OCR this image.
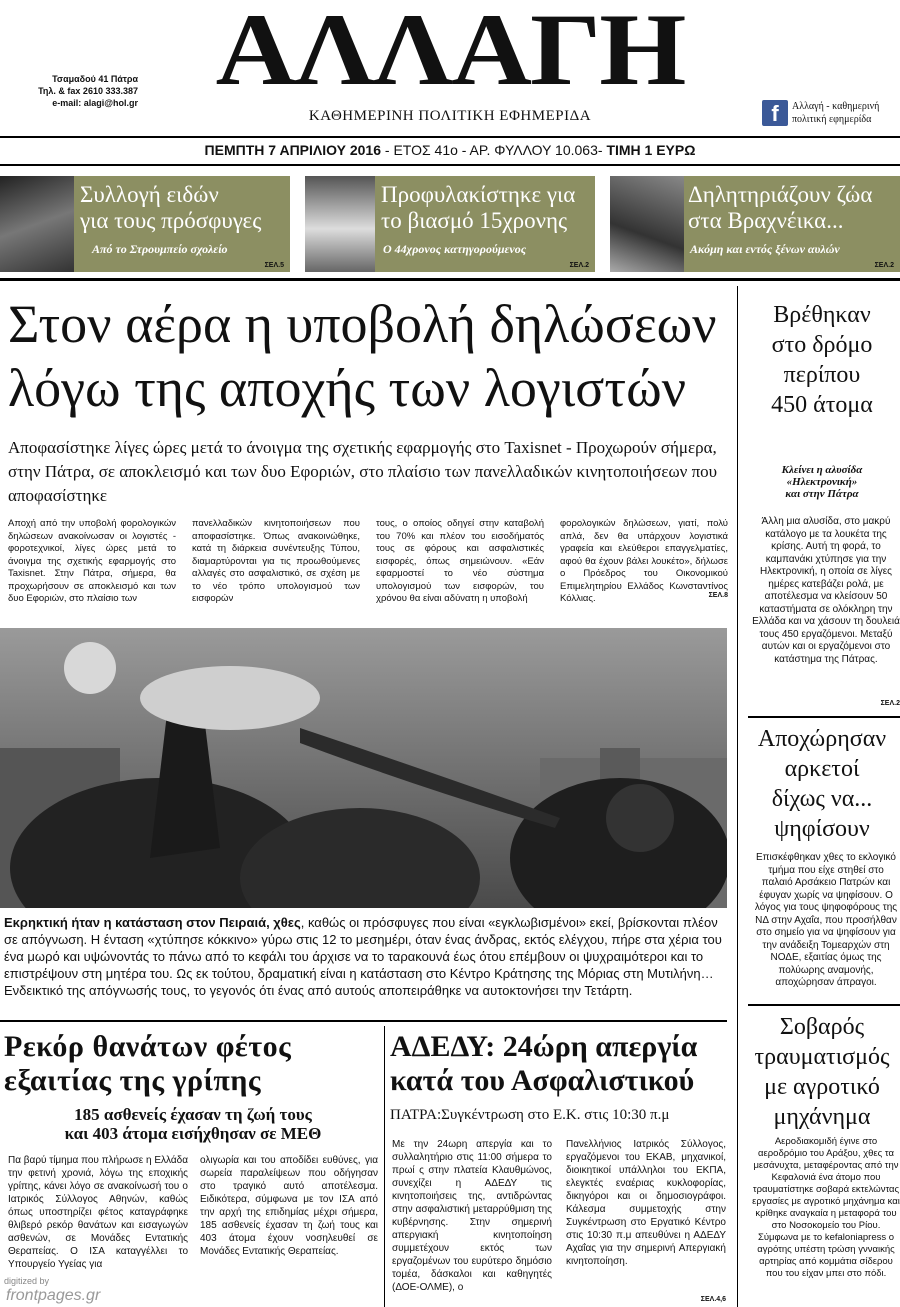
ΑΛΛΑΓΗ
Τσαμαδού 41 Πάτρα
Τηλ. & fax 2610 333.387
e-mail: alagi@hol.gr
ΚΑΘΗΜΕΡΙΝΗ ΠΟΛΙΤΙΚΗ ΕΦΗΜΕΡΙΔΑ	f	Αλλαγή - καθημερινή
πολιτική εφημερίδα
ΠΕΜΠΤΗ 7 ΑΠΡΙΛΙΟΥ 2016 - ΕΤΟΣ 41ο - ΑΡ. ΦΥΛΛΟΥ 10.063- ΤΙΜΗ 1 ΕΥΡΩ
Συλλογή ειδών
για τους πρόσφυγες
Από το Στρουμπείο σχολείο
ΣΕΛ.5
Προφυλακίστηκε για
το βιασμό 15χρονης
Ο 44χρονος κατηγορούμενος
ΣΕΛ.2
Δηλητηριάζουν ζώα
στα Βραχνέικα...
Ακόμη και εντός ξένων αυλών
ΣΕΛ.2
Στον αέρα η υποβολή δηλώσεων
λόγω της αποχής των λογιστών
Αποφασίστηκε λίγες ώρες μετά το άνοιγμα της σχετικής εφαρμογής στο Taxisnet - Προχωρούν σήμερα, στην Πάτρα, σε αποκλεισμό και των δυο Εφοριών, στο πλαίσιο των πανελλαδικών κινητοποιήσεων που αποφασίστηκε
Αποχή από την υποβολή φορολογικών δηλώσεων ανακοίνωσαν οι λογιστές - φοροτεχνικοί, λίγες ώρες μετά το άνοιγμα της σχετικής εφαρμογής στο Taxisnet. Στην Πάτρα, σήμερα, θα προχωρήσουν σε αποκλεισμό και των δυο Εφοριών, στο πλαίσιο των
πανελλαδικών κινητοποιήσεων που αποφασίστηκε. Όπως ανακοινώθηκε, κατά τη διάρκεια συνέντευξης Τύπου, διαμαρτύρονται για τις προωθούμενες αλλαγές στο ασφαλιστικό, σε σχέση με το νέο τρόπο υπολογισμού των εισφορών
τους, ο οποίος οδηγεί στην καταβολή του 70% και πλέον του εισοδήματός τους σε φόρους και ασφαλιστικές εισφορές, όπως σημειώνουν. «Εάν εφαρμοστεί το νέο σύστημα υπολογισμού των εισφορών, του χρόνου θα είναι αδύνατη η υποβολή
φορολογικών δηλώσεων, γιατί, πολύ απλά, δεν θα υπάρχουν λογιστικά γραφεία και ελεύθεροι επαγγελματίες, αφού θα έχουν βάλει λουκέτο», δήλωσε ο Πρόεδρος του Οικονομικού Επιμελητηρίου Ελλάδος Κωνσταντίνος Κόλλιας.	ΣΕΛ.8
Εκρηκτική ήταν η κατάσταση στον Πειραιά, χθες, καθώς οι πρόσφυγες που είναι «εγκλωβισμένοι» εκεί, βρίσκονται πλέον σε απόγνωση. Η ένταση «χτύπησε κόκκινο» γύρω στις 12 το μεσημέρι, όταν ένας άνδρας, εκτός ελέγχου, πήρε στα χέρια του ένα μωρό και υψώνοντάς το πάνω από το κεφάλι του άρχισε να το ταρακουνά έως ότου επέμβουν οι ψυχραιμότεροι και το επιστρέψουν στη μητέρα του. Ως εκ τούτου, δραματική είναι η κατάσταση στο Κέντρο Κράτησης της Μόριας στη Μυτιλήνη… Ενδεικτικό της απόγνωσής τους, το γεγονός ότι ένας από αυτούς αποπειράθηκε να αυτοκτονήσει την Τετάρτη.
Βρέθηκαν
στο δρόμο
περίπου
450 άτομα
Κλείνει η αλυσίδα
«Ηλεκτρονική»
και στην Πάτρα
Άλλη μια αλυσίδα, στο μακρύ κατάλογο με τα λουκέτα της κρίσης. Αυτή τη φορά, το καμπανάκι χτύπησε για την Ηλεκτρονική, η οποία σε λίγες ημέρες κατεβάζει ρολά, με αποτέλεσμα να κλείσουν 50 καταστήματα σε ολόκληρη την Ελλάδα και να χάσουν τη δουλειά τους 450 εργαζόμενοι. Μεταξύ αυτών και οι εργαζόμενοι στο κατάστημα της Πάτρας.
ΣΕΛ.2
Αποχώρησαν
αρκετοί
δίχως να...
ψηφίσουν
Επισκέφθηκαν χθες το εκλογικό τμήμα που είχε στηθεί στο παλαιό Αρσάκειο Πατρών και έφυγαν χωρίς να ψηφίσουν. Ο λόγος για τους ψηφοφόρους της ΝΔ στην Αχαΐα, που προσήλθαν στο σημείο για να ψηφίσουν για την ανάδειξη Τομεαρχών στη ΝΟΔΕ, εξαιτίας όμως της πολύωρης αναμονής, αποχώρησαν άπραγοι.
Σοβαρός
τραυματισμός
με αγροτικό
μηχάνημα
Αεροδιακομιδή έγινε στο αεροδρόμιο του Αράξου, χθες τα μεσάνυχτα, μεταφέροντας από την Κεφαλονιά ένα άτομο που τραυματίστηκε σοβαρά εκτελώντας εργασίες με αγροτικό μηχάνημα και κρίθηκε αναγκαία η μεταφορά του στο Νοσοκομείο του Ρίου. Σύμφωνα με το kefaloniapress ο αγρότης υπέστη τρώση γνναικής αρτηρίας από κομμάτια σίδερου που του είχαν μπει στο πόδι.
Ρεκόρ θανάτων φέτος
εξαιτίας της γρίπης
185 ασθενείς έχασαν τη ζωή τους
και 403 άτομα εισήχθησαν σε ΜΕΘ
Πα βαρύ τίμημα που πλήρωσε η Ελλάδα την φετινή χρονιά, λόγω της εποχικής γρίπης, κάνει λόγο σε ανακοίνωσή του ο Ιατρικός Σύλλογος Αθηνών, καθώς όπως υποστηρίζει φέτος καταγράφηκε θλιβερό ρεκόρ θανάτων και εισαγωγών ασθενών, σε Μονάδες Εντατικής Θεραπείας. Ο ΙΣΑ καταγγέλλει το Υπουργείο Υγείας για
ολιγωρία και του αποδίδει ευθύνες, για σωρεία παραλείψεων που οδήγησαν στο τραγικό αυτό αποτέλεσμα. Ειδικότερα, σύμφωνα με τον ΙΣΑ από την αρχή της επιδημίας μέχρι σήμερα, 185 ασθενείς έχασαν τη ζωή τους και 403 άτομα έχουν νοσηλευθεί σε Μονάδες Εντατικής Θεραπείας.
ΑΔΕΔΥ: 24ώρη απεργία
κατά του Ασφαλιστικού
ΠΑΤΡΑ:Συγκέντρωση στο Ε.Κ. στις 10:30 π.μ
Με την 24ωρη απεργία και το συλλαλητήριο στις 11:00 σήμερα το πρωί ς στην πλατεία Κλαυθμώνος, συνεχίζει η ΑΔΕΔΥ τις κινητοποιήσεις της, αντιδρώντας στην ασφαλιστική μεταρρύθμιση της κυβέρνησης. Στην σημερινή απεργιακή κινητοποίηση συμμετέχουν εκτός των εργαζομένων του ευρύτερο δημόσιο τομέα, δάσκαλοι και καθηγητές (ΔΟΕ-ΟΛΜΕ), ο
Πανελλήνιος Ιατρικός Σύλλογος, εργαζόμενοι του ΕΚΑΒ, μηχανικοί, διοικητικοί υπάλληλοι του ΕΚΠΑ, ελεγκτές εναέριας κυκλοφορίας, δικηγόροι και οι δημοσιογράφοι. Κάλεσμα συμμετοχής στην Συγκέντρωση στο Εργατικό Κέντρο στις 10:30 π.μ απευθύνει η ΑΔΕΔΥ Αχαΐας για την σημερινή Απεργιακή κινητοποίηση.
ΣΕΛ.4,6
digitized by
frontpages.gr
